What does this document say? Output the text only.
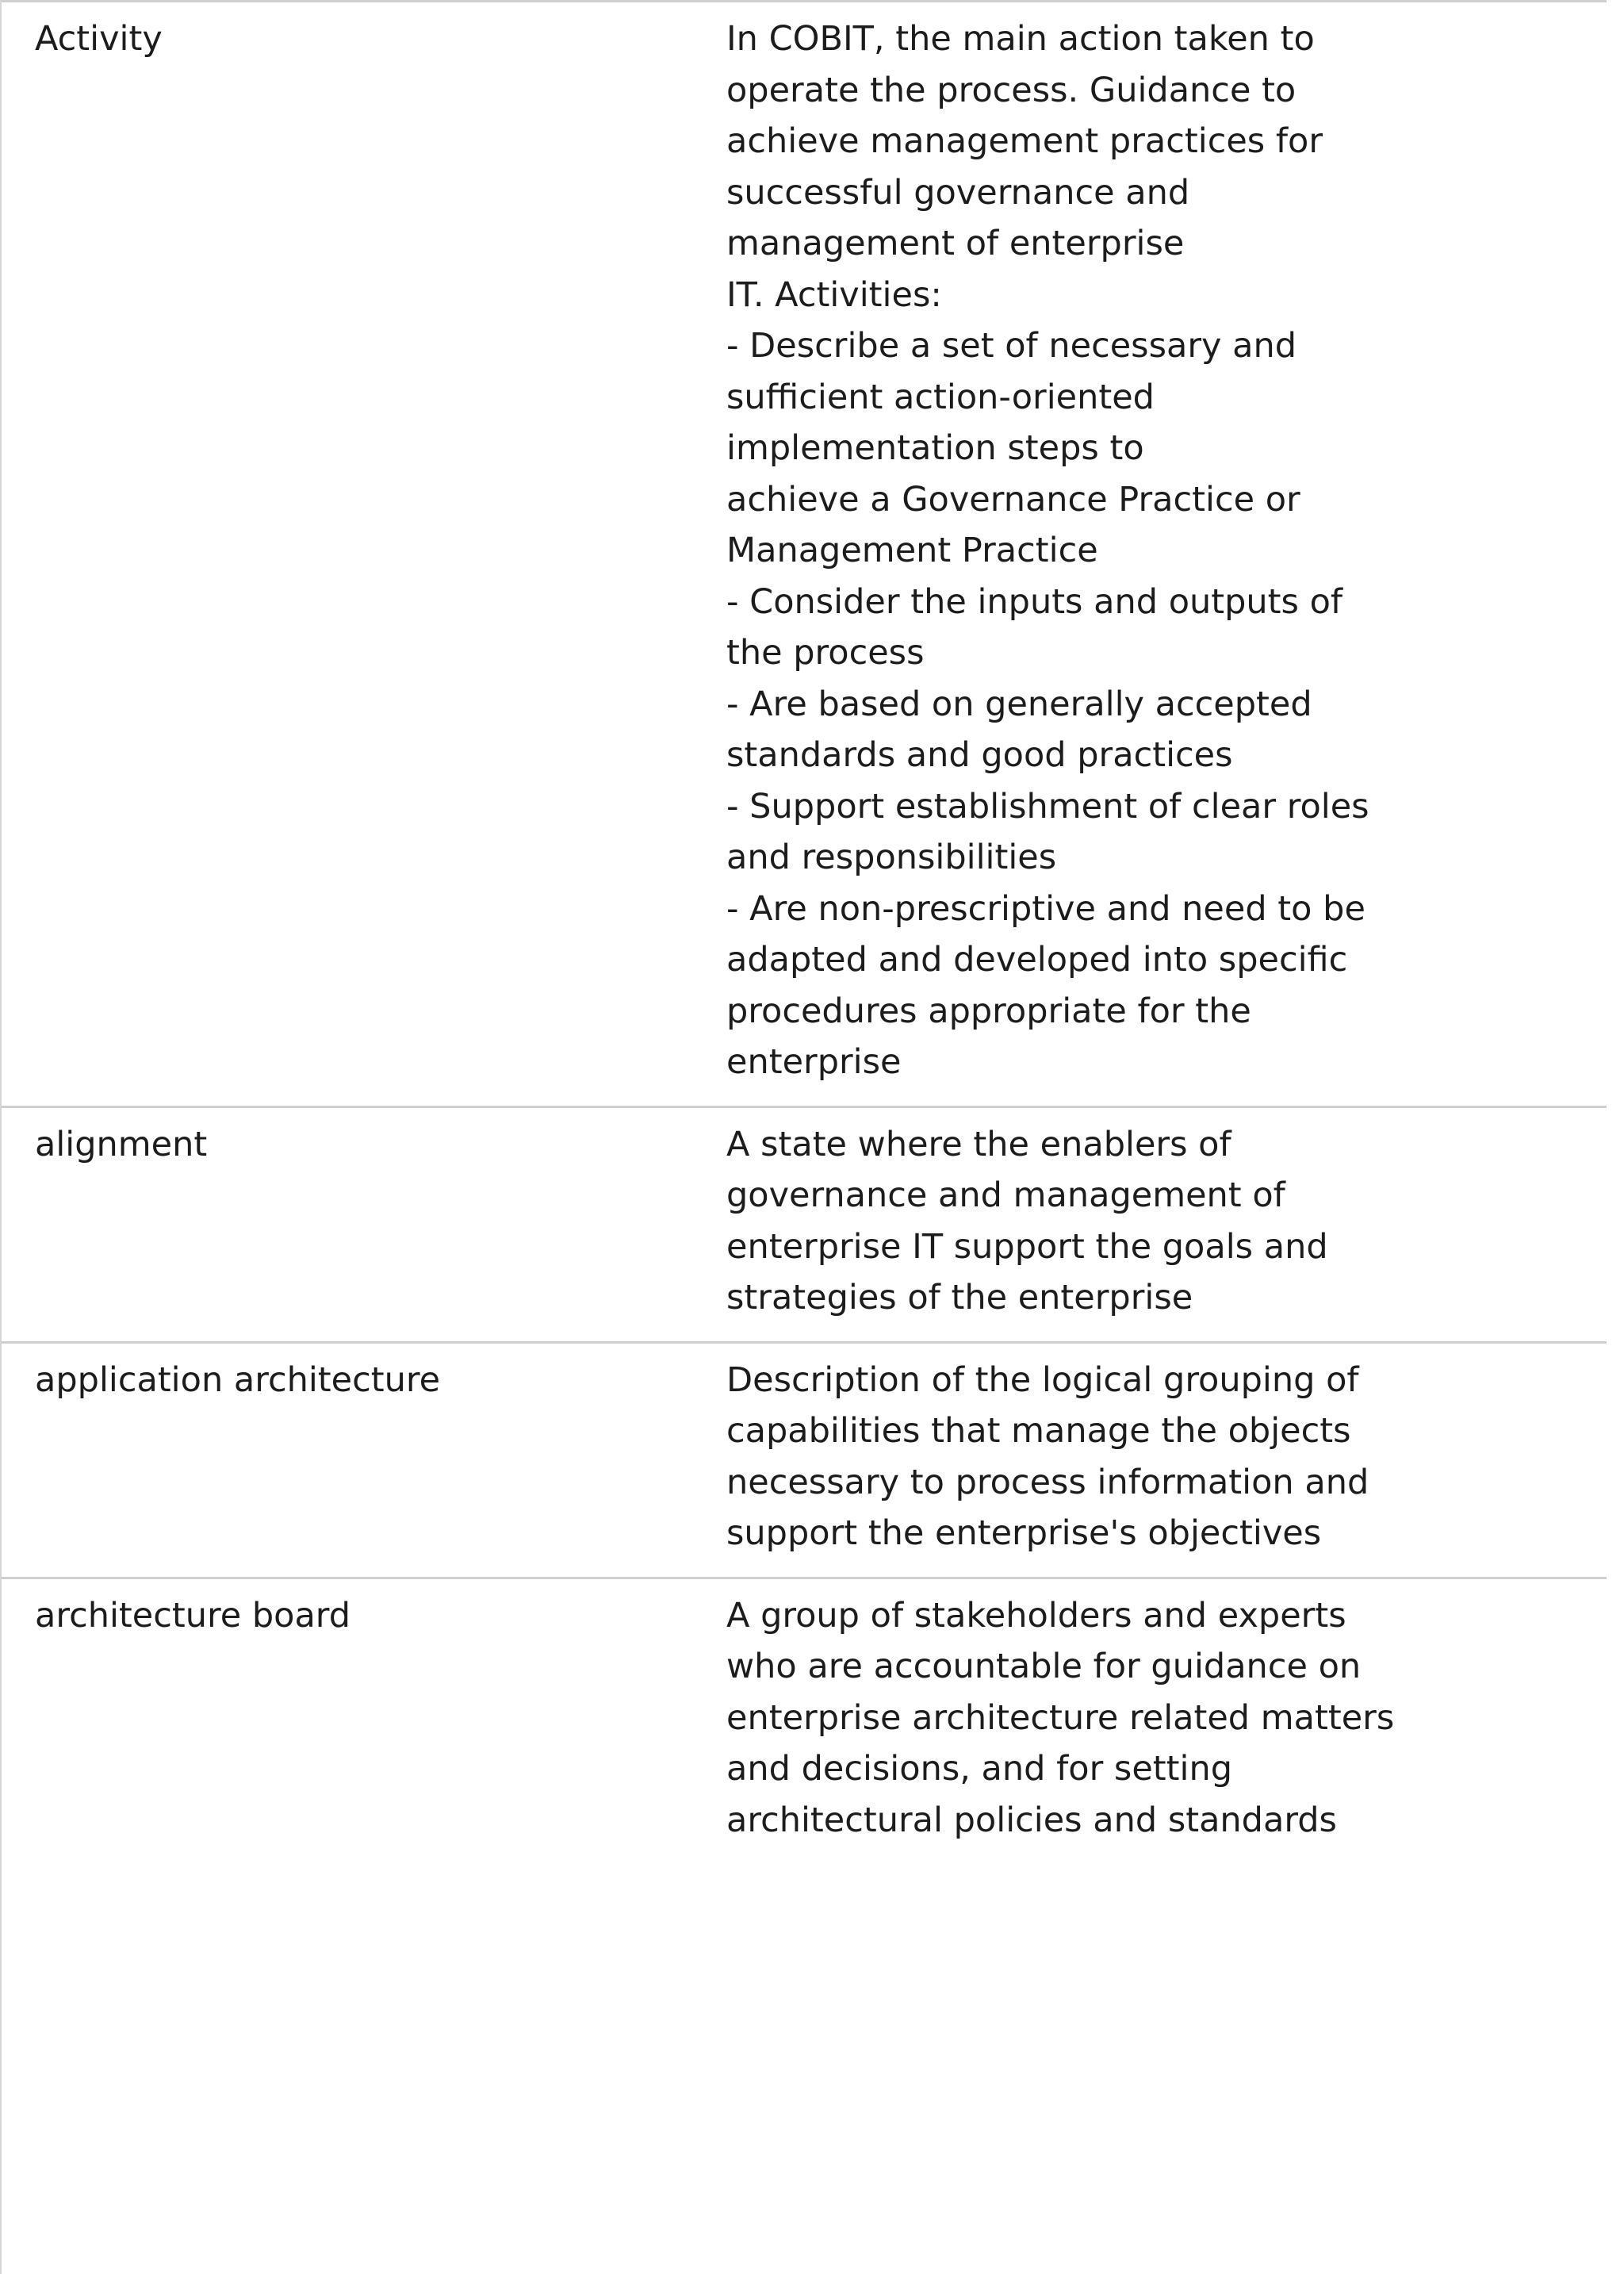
Activity	In COBIT, the main action taken to
operate the process. Guidance to
achieve management practices for
successful governance and
management of enterprise
IT. Activities:
- Describe a set of necessary and
sufficient action-oriented
implementation steps to
achieve a Governance Practice or
Management Practice
- Consider the inputs and outputs of
the process
- Are based on generally accepted
standards and good practices
- Support establishment of clear roles
and responsibilities
- Are non-prescriptive and need to be
adapted and developed into specific
procedures appropriate for the
enterprise
alignment	A state where the enablers of
governance and management of
enterprise IT support the goals and
strategies of the enterprise
application architecture	Description of the logical grouping of
capabilities that manage the objects
necessary to process information and
support the enterprise's objectives
architecture board	A group of stakeholders and experts
who are accountable for guidance on
enterprise architecture related matters
and decisions, and for setting
architectural policies and standards
